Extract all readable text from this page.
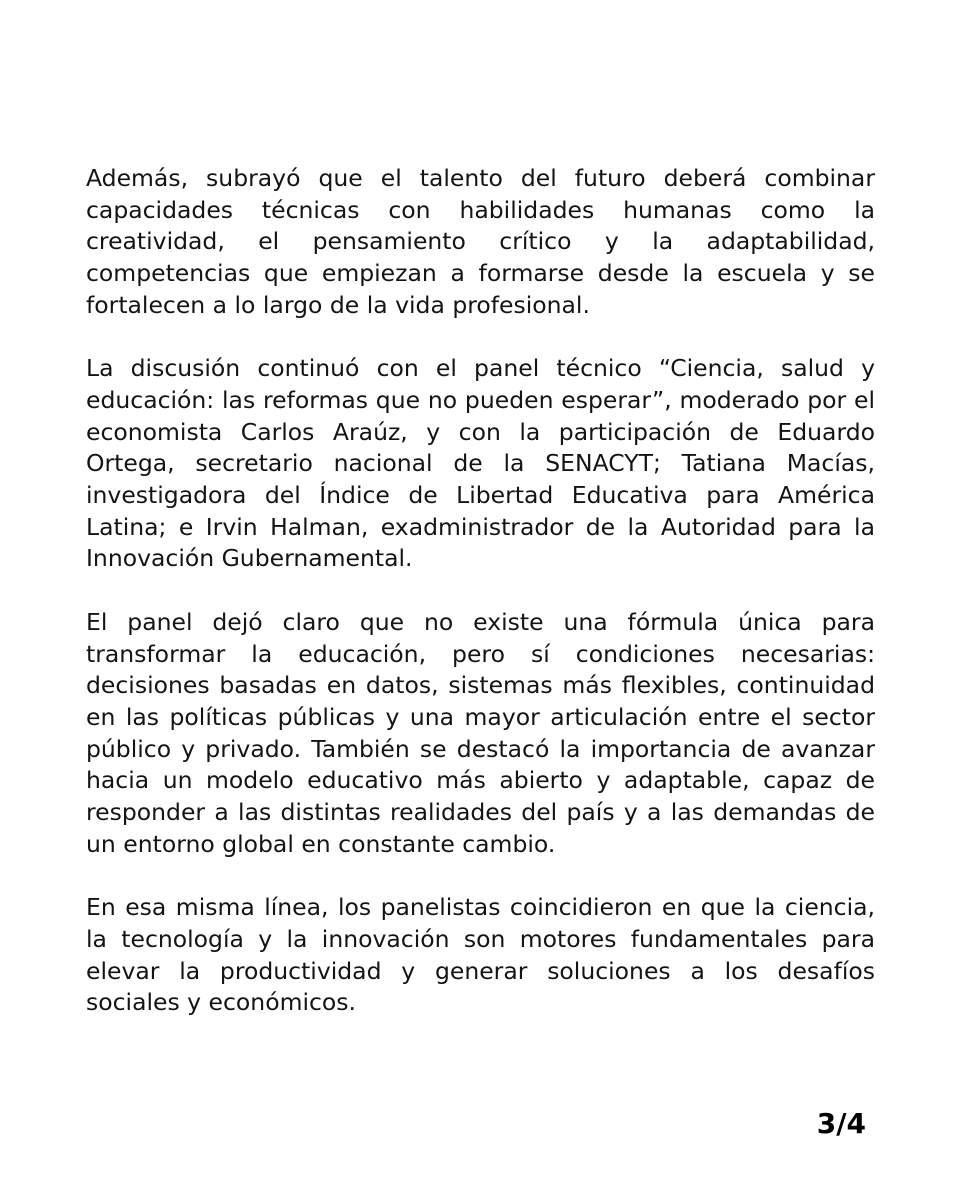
Además, subrayó que el talento del futuro deberá combinar capacidades técnicas con habilidades humanas como la creatividad, el pensamiento crítico y la adaptabilidad, competencias que empiezan a formarse desde la escuela y se fortalecen a lo largo de la vida profesional.

La discusión continuó con el panel técnico “Ciencia, salud y educación: las reformas que no pueden esperar”, moderado por el economista Carlos Araúz, y con la participación de Eduardo Ortega, secretario nacional de la SENACYT; Tatiana Macías, investigadora del Índice de Libertad Educativa para América Latina; e Irvin Halman, exadministrador de la Autoridad para la Innovación Gubernamental.

El panel dejó claro que no existe una fórmula única para transformar la educación, pero sí condiciones necesarias: decisiones basadas en datos, sistemas más flexibles, continuidad en las políticas públicas y una mayor articulación entre el sector público y privado. También se destacó la importancia de avanzar hacia un modelo educativo más abierto y adaptable, capaz de responder a las distintas realidades del país y a las demandas de un entorno global en constante cambio.

En esa misma línea, los panelistas coincidieron en que la ciencia, la tecnología y la innovación son motores fundamentales para elevar la productividad y generar soluciones a los desafíos sociales y económicos.

3/4
